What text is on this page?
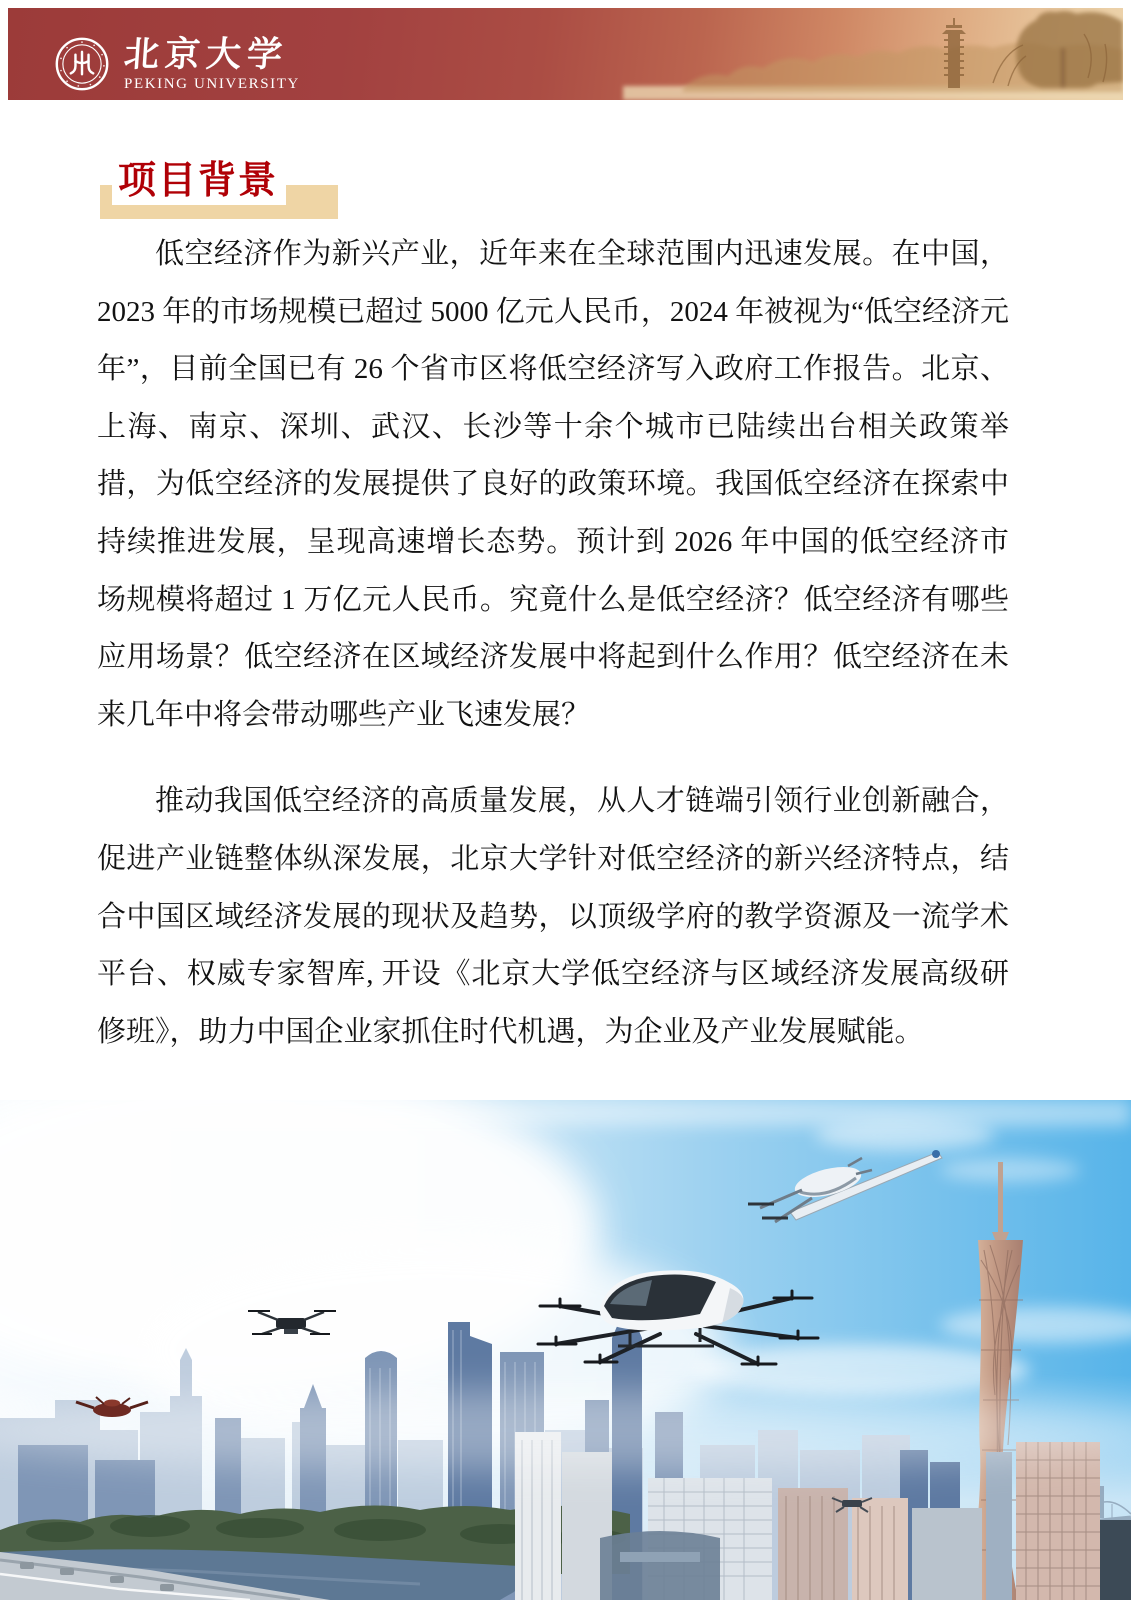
北京大学
PEKING UNIVERSITY
项目背景

低空经济作为新兴产业，近年来在全球范围内迅速发展。在中国，2023 年的市场规模已超过 5000 亿元人民币，2024 年被视为“低空经济元年”，目前全国已有 26 个省市区将低空经济写入政府工作报告。北京、上海、南京、深圳、武汉、长沙等十余个城市已陆续出台相关政策举措，为低空经济的发展提供了良好的政策环境。我国低空经济在探索中持续推进发展，呈现高速增长态势。预计到 2026 年中国的低空经济市场规模将超过 1 万亿元人民币。究竟什么是低空经济？低空经济有哪些应用场景？低空经济在区域经济发展中将起到什么作用？低空经济在未来几年中将会带动哪些产业飞速发展？

推动我国低空经济的高质量发展，从人才链端引领行业创新融合，促进产业链整体纵深发展，北京大学针对低空经济的新兴经济特点，结合中国区域经济发展的现状及趋势，以顶级学府的教学资源及一流学术平台、权威专家智库, 开设《北京大学低空经济与区域经济发展高级研修班》，助力中国企业家抓住时代机遇，为企业及产业发展赋能。
